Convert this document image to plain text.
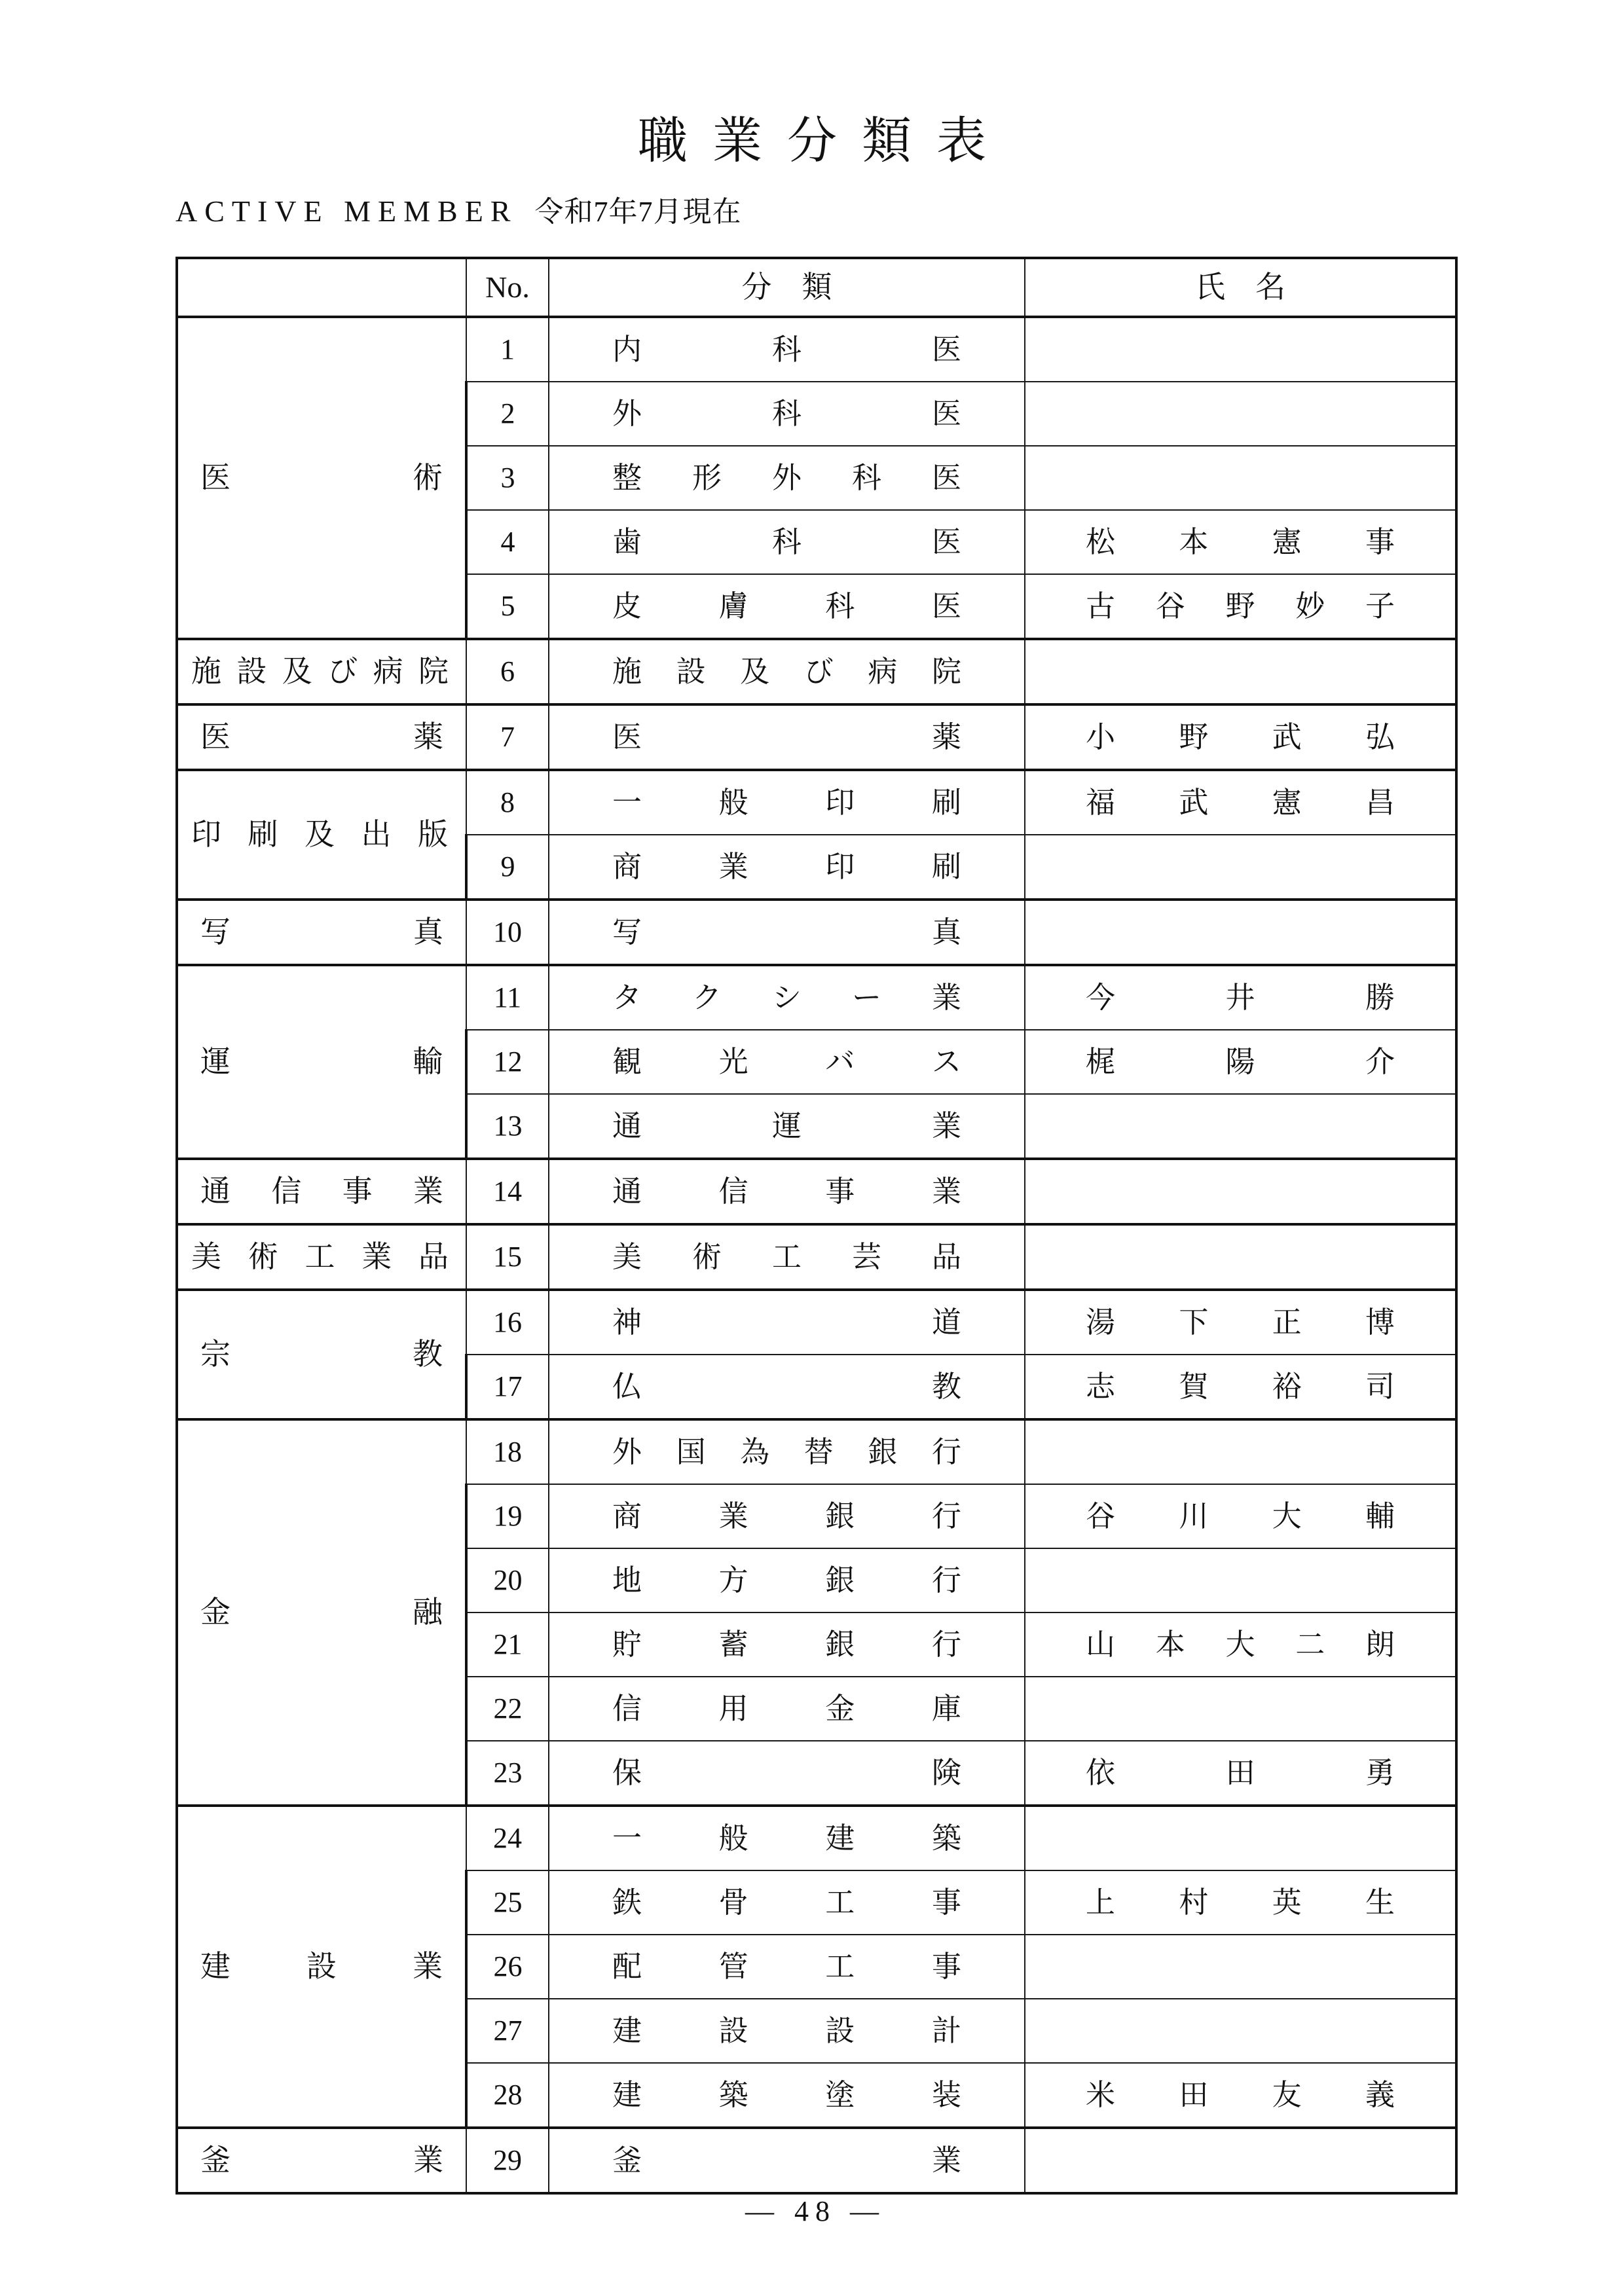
職業分類表
ACTIVE MEMBER 令和7年7月現在
	No.	分類	氏名

医術	1	内科医	

	2	外科医	

	3	整形外科医	

	4	歯科医	松本憲事

	5	皮膚科医	古谷野妙子

施設及び病院	6	施設及び病院	

医薬	7	医薬	小野武弘

印刷及出版	8	一般印刷	福武憲昌

	9	商業印刷	

写真	10	写真	

運輸	11	タクシー業	今井勝

	12	観光バス	梶陽介

	13	通運業	

通信事業	14	通信事業	

美術工業品	15	美術工芸品	

宗教	16	神道	湯下正博

	17	仏教	志賀裕司

金融	18	外国為替銀行	

	19	商業銀行	谷川大輔

	20	地方銀行	

	21	貯蓄銀行	山本大二朗

	22	信用金庫	

	23	保険	依田勇

建設業	24	一般建築	

	25	鉄骨工事	上村英生

	26	配管工事	

	27	建設設計	

	28	建築塗装	米田友義

釜業	29	釜業	

— 48 —
